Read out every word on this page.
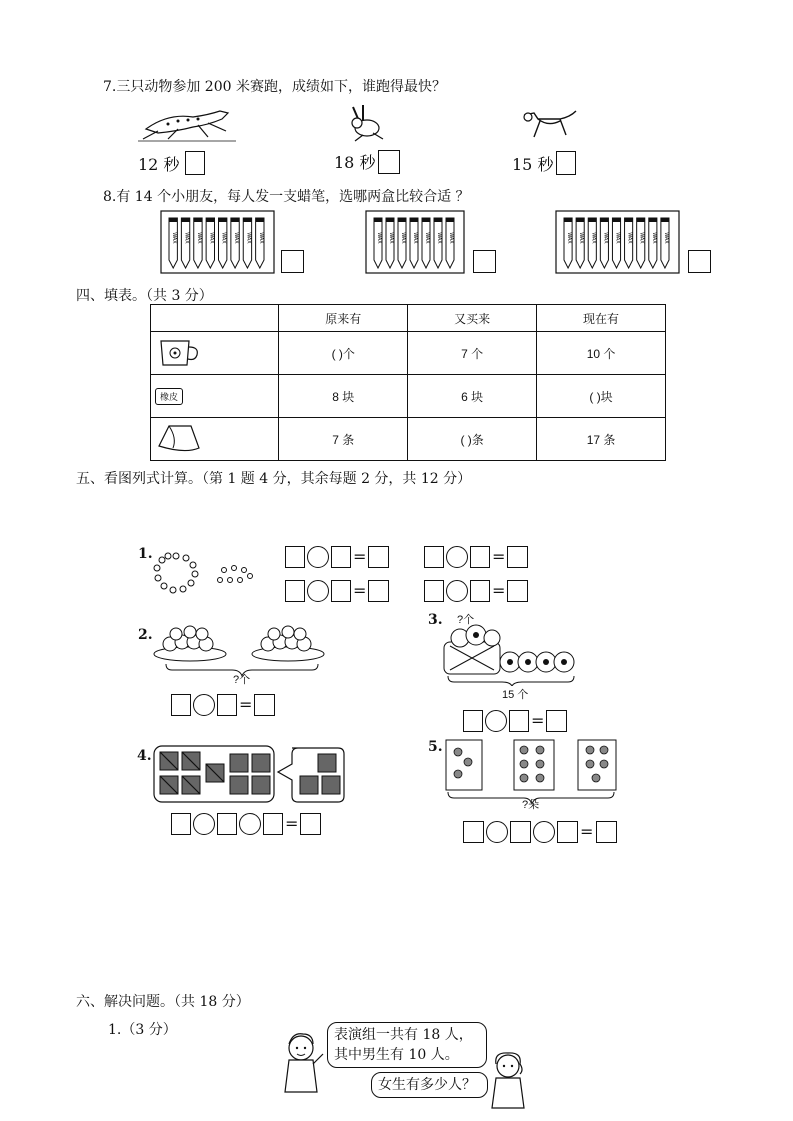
7.三只动物参加 200 米赛跑，成绩如下，谁跑得最快？
12 秒	18 秒	15 秒
8.有 14 个小朋友，每人发一支蜡笔，选哪两盒比较合适 ？
WAX WAX WAX WAX WAX WAX WAX WAX	WAX WAX WAX WAX WAX WAX WAX	WAX WAX WAX WAX WAX WAX WAX WAX WAX
四、填表。（共 3 分）
	原来有	又买来	现在有
	( )个	7 个	10 个
橡皮	8 块	6 块	( )块
	7 条	( )条	17 条
五、看图列式计算。（第 1 题 4 分，其余每题 2 分，共 12 分）
1.	=
=
=
=
2.
?个
=
3. ?个
15 个
=
4.
=
5.
?朵
=
六、解决问题。（共 18 分）
1.（3 分）	表演组一共有 18 人，
其中男生有 10 人。
女生有多少人？
